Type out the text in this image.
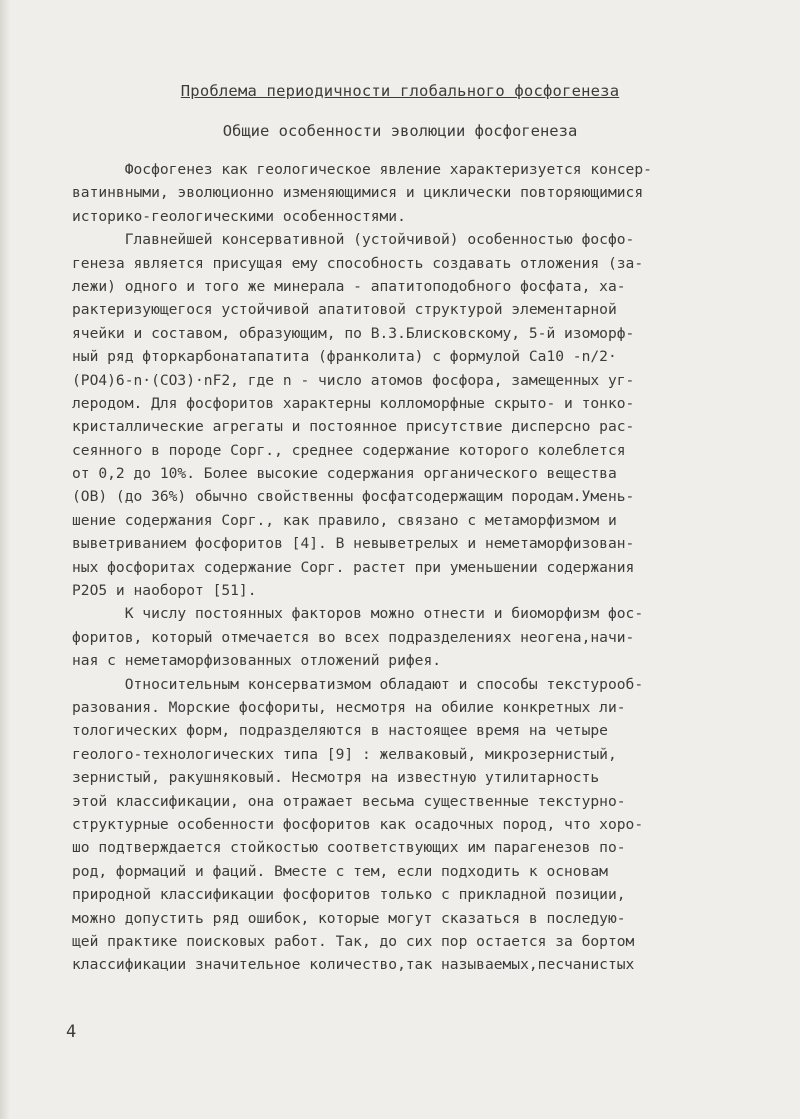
Проблема периодичности глобального фосфогенеза
Общие особенности эволюции фосфогенеза
Фосфогенез как геологическое явление характеризуется консер-
ватинвными, эволюционно изменяющимися и циклически повторяющимися
историко-геологическими особенностями.
Главнейшей консервативной (устойчивой) особенностью фосфо-
генеза является присущая ему способность создавать отложения (за-
лежи) одного и того же минерала - апатитоподобного фосфата, ха-
рактеризующегося устойчивой апатитовой структурой элементарной
ячейки и составом, образующим, по В.З.Блисковскому, 5-й изоморф-
ный ряд фторкарбонатапатита (франколита) с формулой Ca10 -n/2·
(PO4)6-n·(CO3)·nF2, где n - число атомов фосфора, замещенных уг-
леродом. Для фосфоритов характерны колломорфные скрыто- и тонко-
кристаллические агрегаты и постоянное присутствие дисперсно рас-
сеянного в породе Cорг., среднее содержание которого колеблется
от 0,2 до 10%. Более высокие содержания органического вещества
(ОВ) (до 36%) обычно свойственны фосфатсодержащим породам.Умень-
шение содержания Cорг., как правило, связано с метаморфизмом и
выветриванием фосфоритов [4]. В невыветрелых и неметаморфизован-
ных фосфоритах содержание Cорг. растет при уменьшении содержания
P2O5 и наоборот [51].
К числу постоянных факторов можно отнести и биоморфизм фос-
форитов, который отмечается во всех подразделениях неогена,начи-
ная с неметаморфизованных отложений рифея.
Относительным консерватизмом обладают и способы текстурооб-
разования. Морские фосфориты, несмотря на обилие конкретных ли-
тологических форм, подразделяются в настоящее время на четыре
геолого-технологических типа [9] : желваковый, микрозернистый,
зернистый, ракушняковый. Несмотря на известную утилитарность
этой классификации, она отражает весьма существенные текстурно-
структурные особенности фосфоритов как осадочных пород, что хоро-
шо подтверждается стойкостью соответствующих им парагенезов по-
род, формаций и фаций. Вместе с тем, если подходить к основам
природной классификации фосфоритов только с прикладной позиции,
можно допустить ряд ошибок, которые могут сказаться в последую-
щей практике поисковых работ. Так, до сих пор остается за бортом
классификации значительное количество,так называемых,песчанистых
4
